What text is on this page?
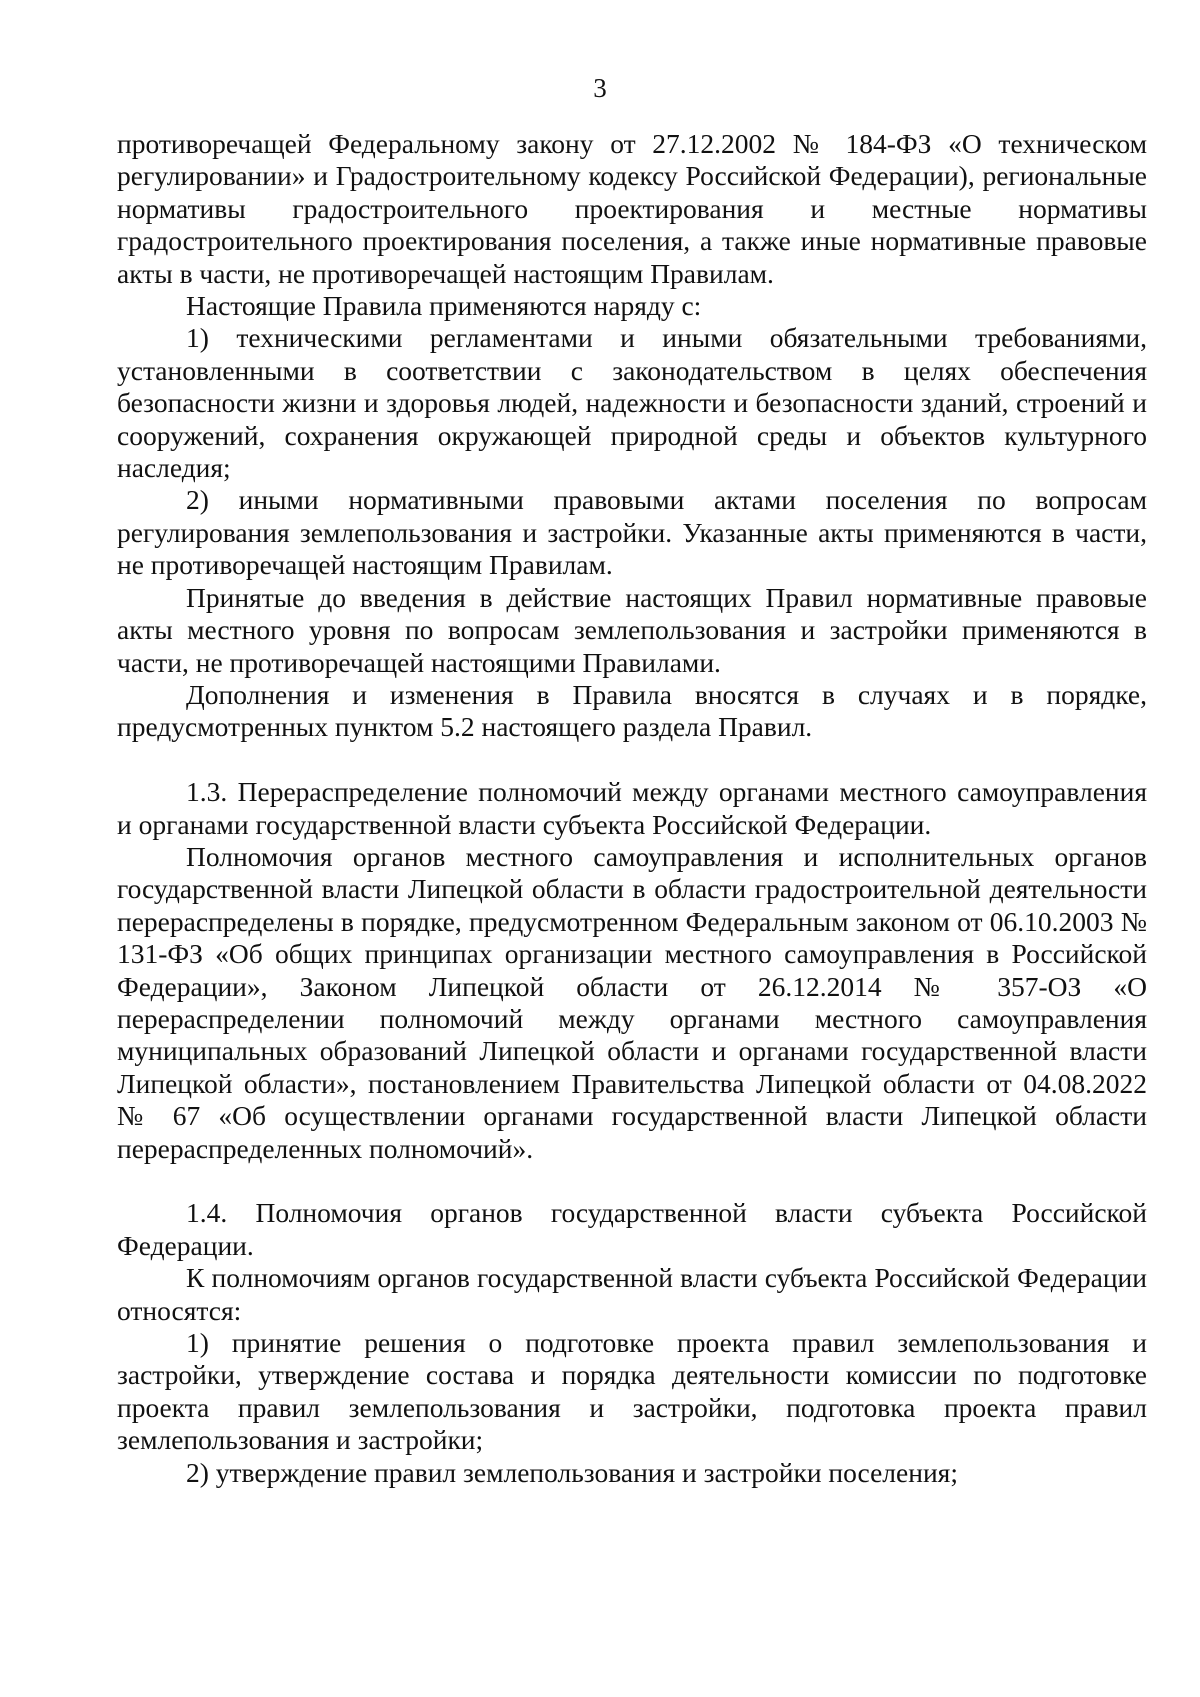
3

противоречащей Федеральному закону от 27.12.2002 № 184-ФЗ «О техническом регулировании» и Градостроительному кодексу Российской Федерации), региональные нормативы градостроительного проектирования и местные нормативы градостроительного проектирования поселения, а также иные нормативные правовые акты в части, не противоречащей настоящим Правилам.

Настоящие Правила применяются наряду с:

1) техническими регламентами и иными обязательными требованиями, установленными в соответствии с законодательством в целях обеспечения безопасности жизни и здоровья людей, надежности и безопасности зданий, строений и сооружений, сохранения окружающей природной среды и объектов культурного наследия;

2) иными нормативными правовыми актами поселения по вопросам регулирования землепользования и застройки. Указанные акты применяются в части, не противоречащей настоящим Правилам.

Принятые до введения в действие настоящих Правил нормативные правовые акты местного уровня по вопросам землепользования и застройки применяются в части, не противоречащей настоящими Правилами.

Дополнения и изменения в Правила вносятся в случаях и в порядке, предусмотренных пунктом 5.2 настоящего раздела Правил.

1.3. Перераспределение полномочий между органами местного самоуправления и органами государственной власти субъекта Российской Федерации.

Полномочия органов местного самоуправления и исполнительных органов государственной власти Липецкой области в области градостроительной деятельности перераспределены в порядке, предусмотренном Федеральным законом от 06.10.2003 № 131-ФЗ «Об общих принципах организации местного самоуправления в Российской Федерации», Законом Липецкой области от 26.12.2014 № 357-ОЗ «О перераспределении полномочий между органами местного самоуправления муниципальных образований Липецкой области и органами государственной власти Липецкой области», постановлением Правительства Липецкой области от 04.08.2022 № 67 «Об осуществлении органами государственной власти Липецкой области перераспределенных полномочий».

1.4. Полномочия органов государственной власти субъекта Российской Федерации.

К полномочиям органов государственной власти субъекта Российской Федерации относятся:

1) принятие решения о подготовке проекта правил землепользования и застройки, утверждение состава и порядка деятельности комиссии по подготовке проекта правил землепользования и застройки, подготовка проекта правил землепользования и застройки;

2) утверждение правил землепользования и застройки поселения;
